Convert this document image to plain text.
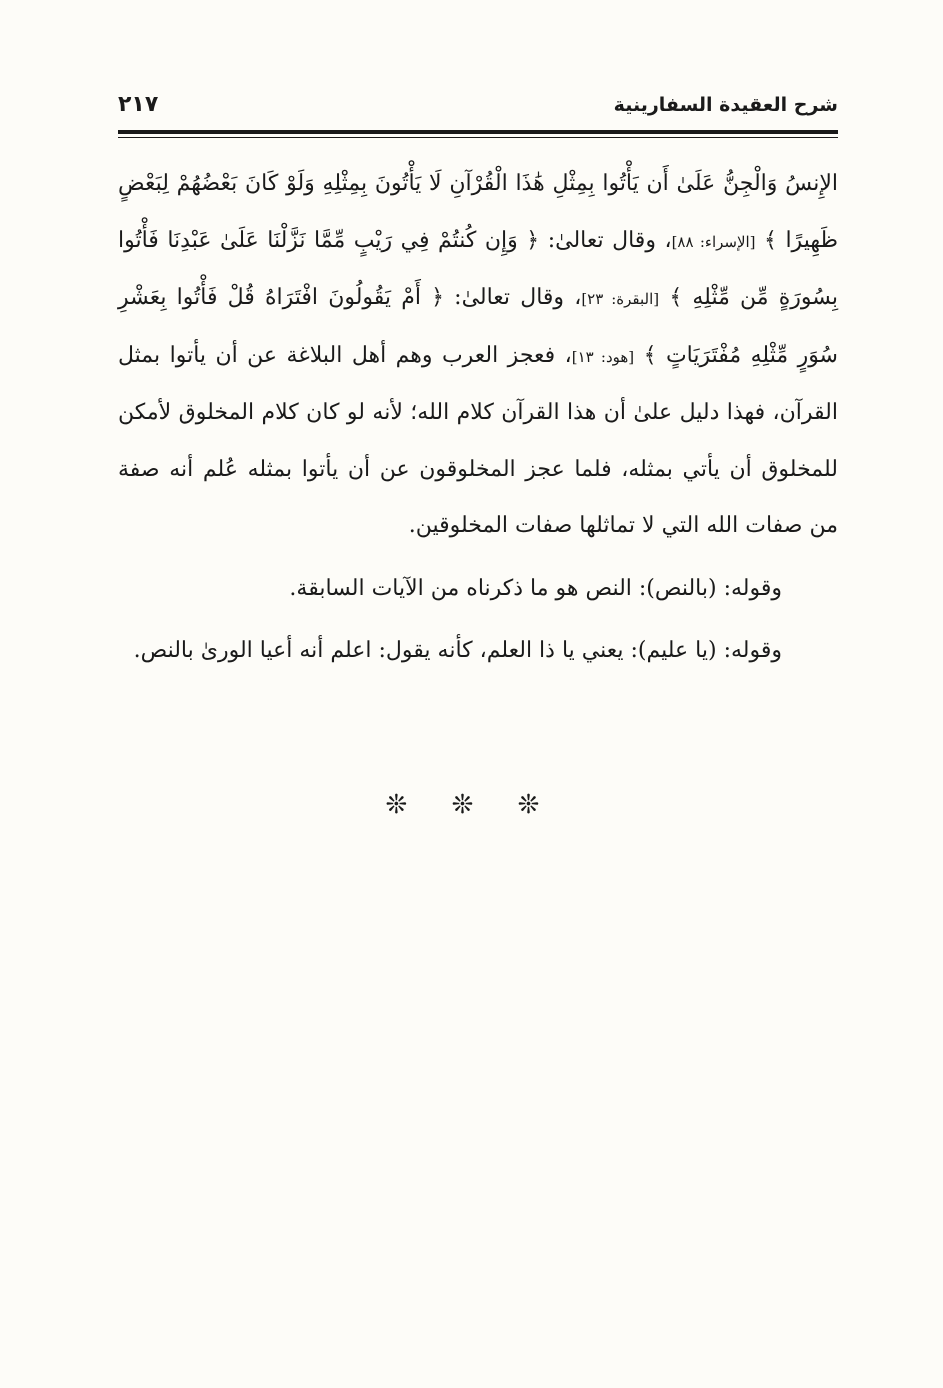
شرح العقيدة السفارينية
٢١٧

الإِنسُ وَالْجِنُّ عَلَىٰ أَن يَأْتُوا بِمِثْلِ هَٰذَا الْقُرْآنِ لَا يَأْتُونَ بِمِثْلِهِ وَلَوْ كَانَ بَعْضُهُمْ لِبَعْضٍ ظَهِيرًا ﴾ [الإسراء: ٨٨]، وقال تعالىٰ: ﴿ وَإِن كُنتُمْ فِي رَيْبٍ مِّمَّا نَزَّلْنَا عَلَىٰ عَبْدِنَا فَأْتُوا بِسُورَةٍ مِّن مِّثْلِهِ ﴾ [البقرة: ٢٣]، وقال تعالىٰ: ﴿ أَمْ يَقُولُونَ افْتَرَاهُ قُلْ فَأْتُوا بِعَشْرِ سُوَرٍ مِّثْلِهِ مُفْتَرَيَاتٍ ﴾ [هود: ١٣]، فعجز العرب وهم أهل البلاغة عن أن يأتوا بمثل القرآن، فهذا دليل علىٰ أن هذا القرآن كلام الله؛ لأنه لو كان كلام المخلوق لأمكن للمخلوق أن يأتي بمثله، فلما عجز المخلوقون عن أن يأتوا بمثله عُلم أنه صفة من صفات الله التي لا تماثلها صفات المخلوقين.

وقوله: (بالنص): النص هو ما ذكرناه من الآيات السابقة.

وقوله: (يا عليم): يعني يا ذا العلم، كأنه يقول: اعلم أنه أعيا الورىٰ بالنص.

❊ ❊ ❊
